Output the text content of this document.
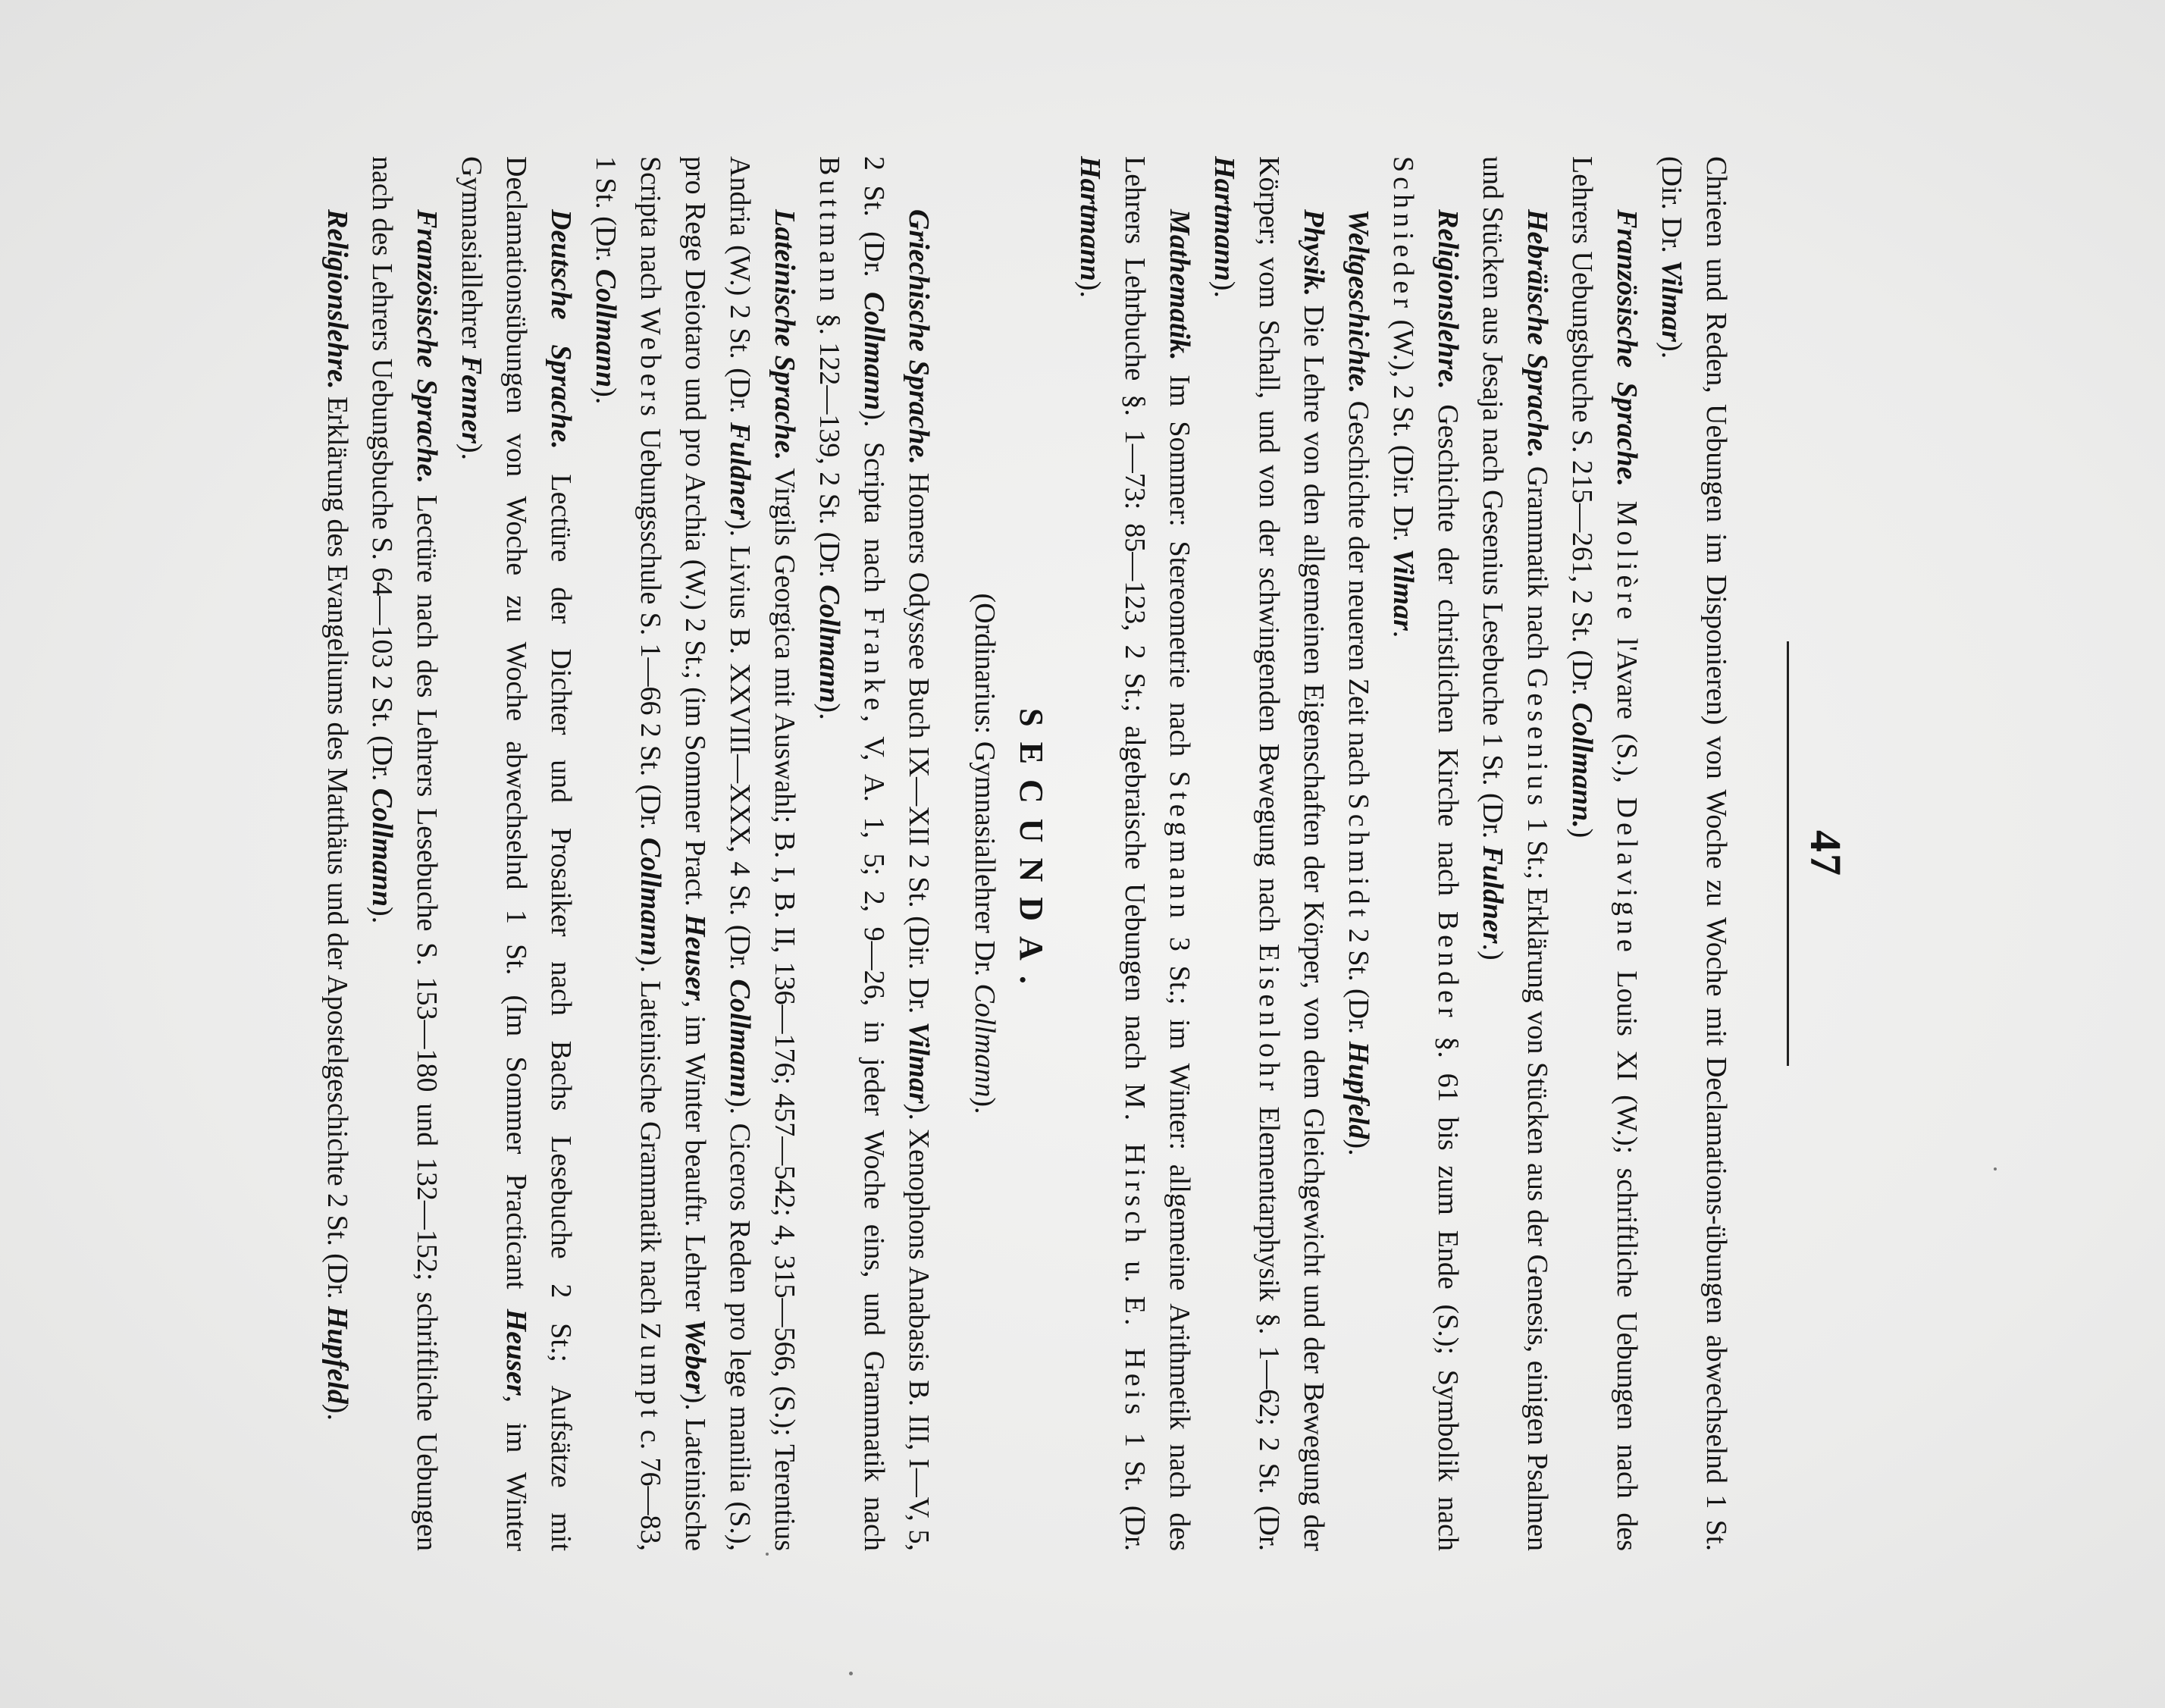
47

Chrieen und Reden, Uebungen im Disponieren) von Woche zu Woche mit Declamations-übungen abwechselnd 1 St. (Dir. Dr. Vilmar).

Französische Sprache. Molière l'Avare (S.), Delavigne Louis XI (W.); schriftliche Uebungen nach des Lehrers Uebungsbuche S. 215—261, 2 St. (Dr. Collmann.)

Hebräische Sprache. Grammatik nach Gesenius 1 St.; Erklärung von Stücken aus der Genesis, einigen Psalmen und Stücken aus Jesaja nach Gesenius Lesebuche 1 St. (Dr. Fuldner.)

Religionslehre. Geschichte der christlichen Kirche nach Bender §. 61 bis zum Ende (S.); Symbolik nach Schnieder (W.), 2 St. (Dir. Dr. Vilmar.

Weltgeschichte. Geschichte der neueren Zeit nach Schmidt 2 St. (Dr. Hupfeld).

Physik. Die Lehre von den allgemeinen Eigenschaften der Körper, von dem Gleichgewicht und der Bewegung der Körper; vom Schall, und von der schwingenden Bewegung nach Eisenlohr Elementarphysik §. 1—62; 2 St. (Dr. Hartmann).

Mathematik. Im Sommer: Stereometrie nach Stegmann 3 St.; im Winter: allgemeine Arithmetik nach des Lehrers Lehrbuche §. 1—73: 85—123, 2 St.; algebraische Uebungen nach M. Hirsch u. E. Heis 1 St. (Dr. Hartmann).

SECUNDA.
(Ordinarius: Gymnasiallehrer Dr. Collmann).

Griechische Sprache. Homers Odyssee Buch IX—XII 2 St. (Dir. Dr. Vilmar). Xenophons Anabasis B. III, I—V, 5, 2 St. (Dr. Collmann). Scripta nach Franke, V, A. 1, 5; 2, 9—26, in jeder Woche eins, und Grammatik nach Buttmann §. 122—139, 2 St. (Dr. Collmann).

Lateinische Sprache. Virgils Georgica mit Auswahl; B. I, B. II, 136—176; 457—542; 4, 315—566, (S.); Terentius Andria (W.) 2 St. (Dr. Fuldner). Livius B. XXVIII—XXX, 4 St. (Dr. Collmann). Ciceros Reden pro lege manilia (S.), pro Rege Deiotaro und pro Archia (W.) 2 St.; (im Sommer Pract. Heuser, im Winter beauftr. Lehrer Weber). Lateinische Scripta nach Webers Uebungsschule S. 1—66 2 St. (Dr. Collmann). Lateinische Grammatik nach Zumpt c. 76—83, 1 St. (Dr. Collmann).

Deutsche Sprache. Lectüre der Dichter und Prosaiker nach Bachs Lesebuche 2 St.; Aufsätze mit Declamationsübungen von Woche zu Woche abwechselnd 1 St. (Im Sommer Practicant Heuser, im Winter Gymnasiallehrer Fenner).

Französische Sprache. Lectüre nach des Lehrers Lesebuche S. 153—180 und 132—152; schriftliche Uebungen nach des Lehrers Uebungsbuche S. 64—103 2 St. (Dr. Collmann).

Religionslehre. Erklärung des Evangeliums des Matthäus und der Apostelgeschichte 2 St. (Dr. Hupfeld).
